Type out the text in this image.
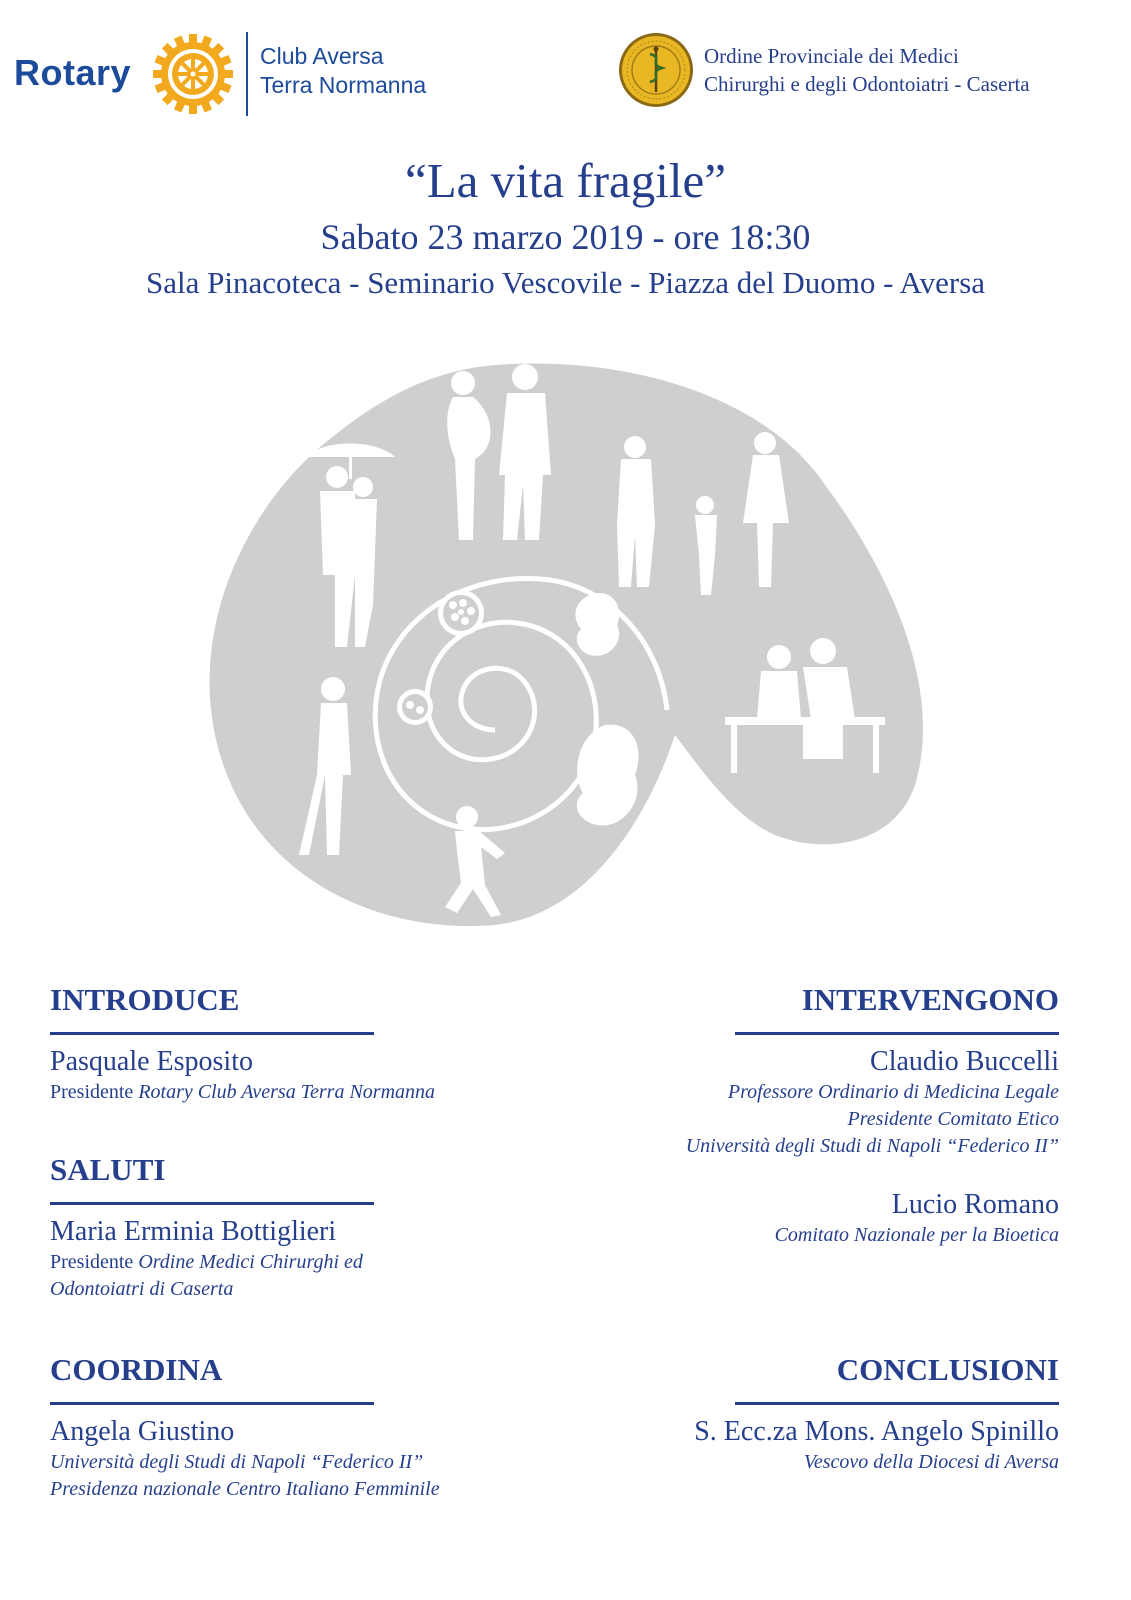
Rotary	Club Aversa
Terra Normanna
Ordine Provinciale dei Medici
Chirurghi e degli Odontoiatri - Caserta
“La vita fragile”
Sabato 23 marzo 2019 - ore 18:30
Sala Pinacoteca - Seminario Vescovile - Piazza del Duomo - Aversa
INTRODUCE
Pasquale Esposito
Presidente Rotary Club Aversa Terra Normanna
SALUTI
Maria Erminia Bottiglieri
Presidente Ordine Medici Chirurghi ed
Odontoiatri di Caserta
COORDINA
Angela Giustino
Università degli Studi di Napoli “Federico II”
Presidenza nazionale Centro Italiano Femminile
INTERVENGONO
Claudio Buccelli
Professore Ordinario di Medicina Legale
Presidente Comitato Etico
Università degli Studi di Napoli “Federico II”
Lucio Romano
Comitato Nazionale per la Bioetica
CONCLUSIONI
S. Ecc.za Mons. Angelo Spinillo
Vescovo della Diocesi di Aversa
